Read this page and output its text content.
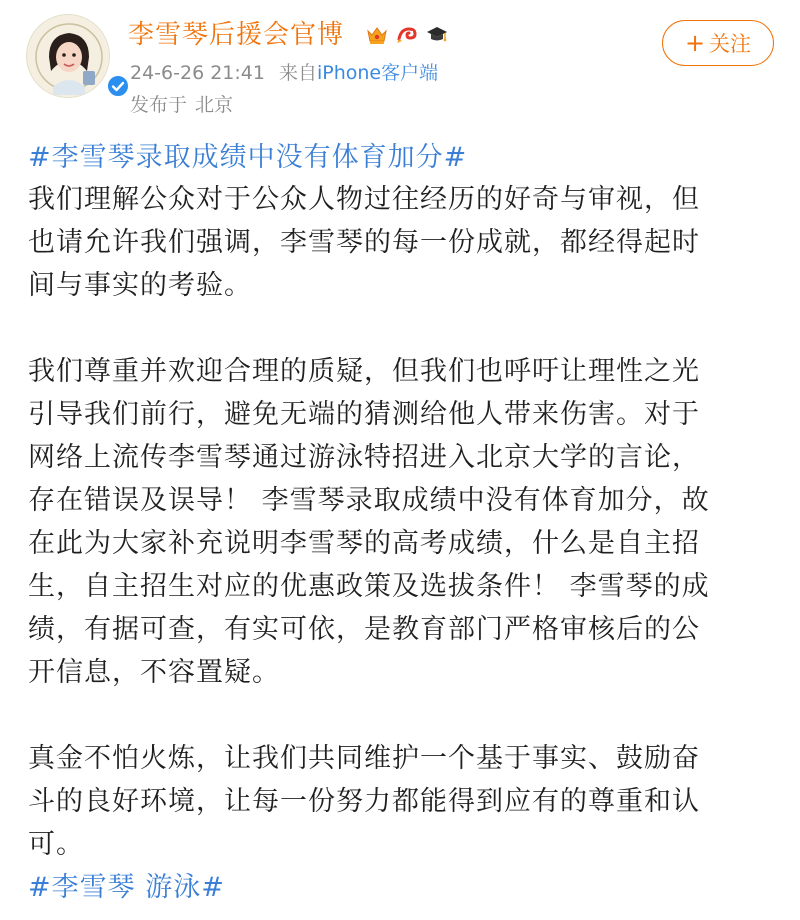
李雪琴后援会官博
24-6-26 21:41 来自iPhone客户端
发布于 北京
+ 关注
#李雪琴录取成绩中没有体育加分#
我们理解公众对于公众人物过往经历的好奇与审视，但
也请允许我们强调，李雪琴的每一份成就，都经得起时
间与事实的考验。
我们尊重并欢迎合理的质疑，但我们也呼吁让理性之光
引导我们前行，避免无端的猜测给他人带来伤害。对于
网络上流传李雪琴通过游泳特招进入北京大学的言论，
存在错误及误导！ 李雪琴录取成绩中没有体育加分，故
在此为大家补充说明李雪琴的高考成绩，什么是自主招
生，自主招生对应的优惠政策及选拔条件！ 李雪琴的成
绩，有据可查，有实可依，是教育部门严格审核后的公
开信息，不容置疑。
真金不怕火炼，让我们共同维护一个基于事实、鼓励奋
斗的良好环境，让每一份努力都能得到应有的尊重和认
可。
#李雪琴 游泳#
